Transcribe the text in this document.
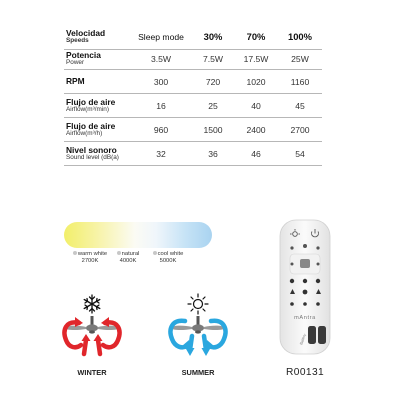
Velocidad
Speeds	Sleep mode	30%	70%	100%

Potencia
Power	3.5W	7.5W	17.5W	25W

RPM	300	720	1020	1160

Flujo de aire
Airflow(m³/min)	16	25	40	45

Flujo de aire
Airflow(m³/h)	960	1500	2400	2700

Nivel sonoro
Sound level (dB(a)	32	36	46	54
warm white
2700K
natural
4000K
cool white
5000K
WINTER	SUMMER
mAntra
Battery
R00131
